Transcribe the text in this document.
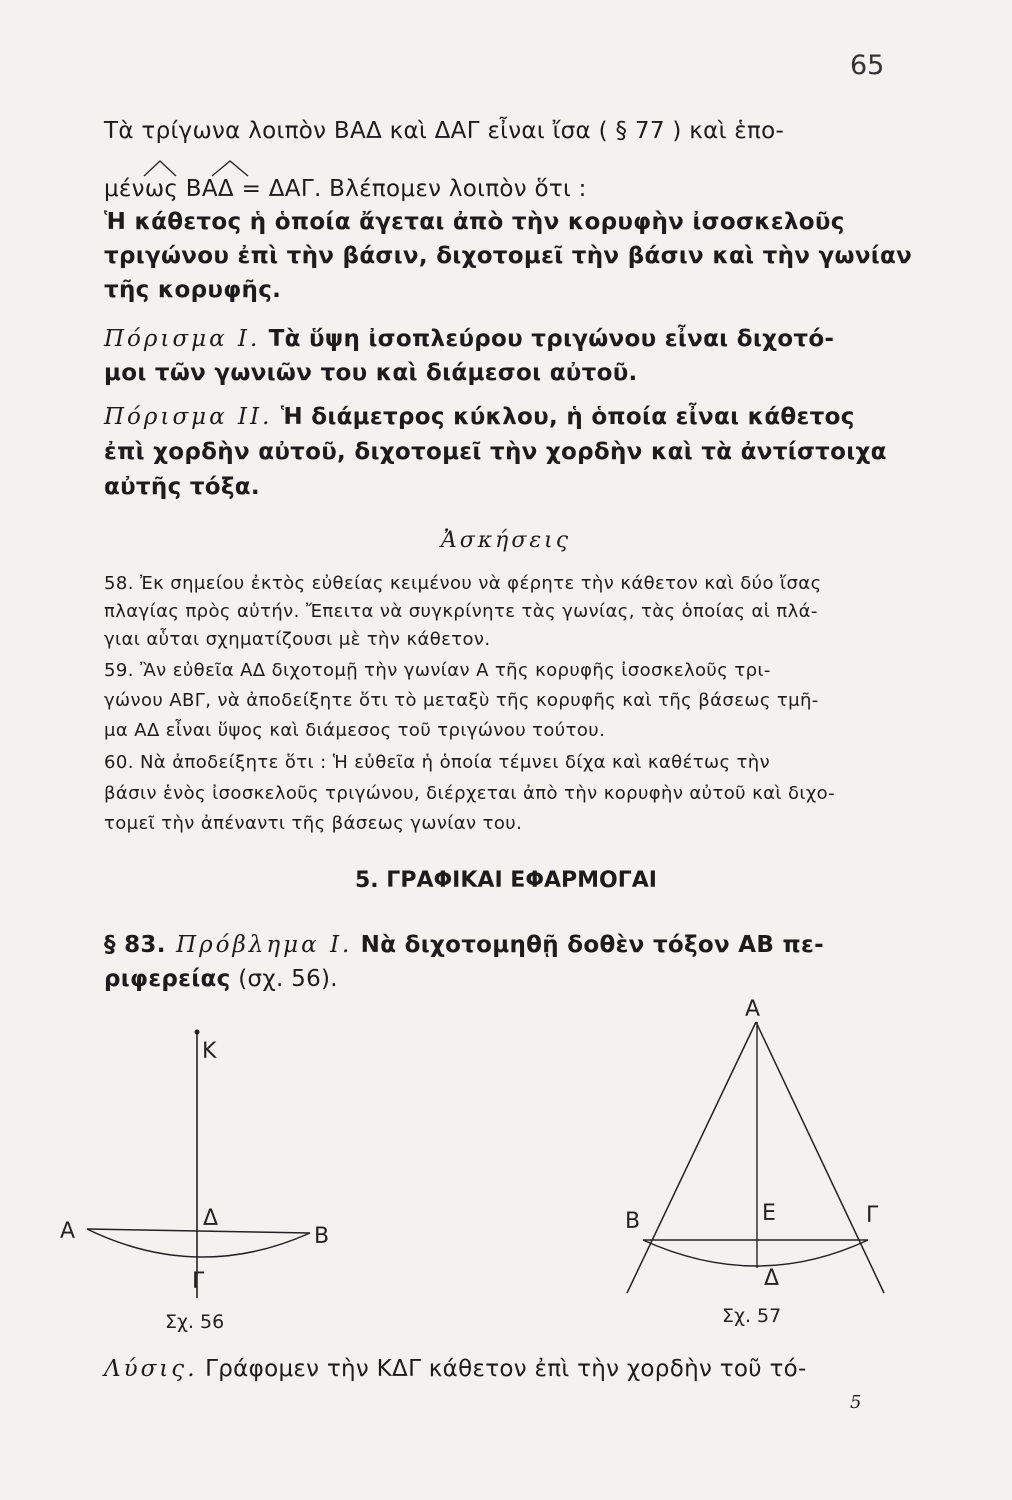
65
Τὰ τρίγωνα λοιπὸν ΒΑΔ καὶ ΔΑΓ εἶναι ἴσα ( § 77 ) καὶ ἑπο-
μένως ΒΑΔ = ΔΑΓ. Βλέπομεν λοιπὸν ὅτι :
Ἡ κάθετος ἡ ὁποία ἄγεται ἀπὸ τὴν κορυφὴν ἰσοσκελοῦς
τριγώνου ἐπὶ τὴν βάσιν, διχοτομεῖ τὴν βάσιν καὶ τὴν γωνίαν
τῆς κορυφῆς.
Πόρισμα Ι. Τὰ ὕψη ἰσοπλεύρου τριγώνου εἶναι διχοτό-
μοι τῶν γωνιῶν του καὶ διάμεσοι αὐτοῦ.
Πόρισμα ΙΙ. Ἡ διάμετρος κύκλου, ἡ ὁποία εἶναι κάθετος
ἐπὶ χορδὴν αὐτοῦ, διχοτομεῖ τὴν χορδὴν καὶ τὰ ἀντίστοιχα
αὐτῆς τόξα.
Ἀσκήσεις
58. Ἐκ σημείου ἐκτὸς εὐθείας κειμένου νὰ φέρητε τὴν κάθετον καὶ δύο ἴσας
πλαγίας πρὸς αὐτήν. Ἔπειτα νὰ συγκρίνητε τὰς γωνίας, τὰς ὁποίας αἱ πλά-
γιαι αὗται σχηματίζουσι μὲ τὴν κάθετον.
59. Ἂν εὐθεῖα ΑΔ διχοτομῇ τὴν γωνίαν Α τῆς κορυφῆς ἰσοσκελοῦς τρι-
γώνου ΑΒΓ, νὰ ἀποδείξητε ὅτι τὸ μεταξὺ τῆς κορυφῆς καὶ τῆς βάσεως τμῆ-
μα ΑΔ εἶναι ὕψος καὶ διάμεσος τοῦ τριγώνου τούτου.
60. Νὰ ἀποδείξητε ὅτι : Ἡ εὐθεῖα ἡ ὁποία τέμνει δίχα καὶ καθέτως τὴν
βάσιν ἑνὸς ἰσοσκελοῦς τριγώνου, διέρχεται ἀπὸ τὴν κορυφὴν αὐτοῦ καὶ διχο-
τομεῖ τὴν ἀπέναντι τῆς βάσεως γωνίαν του.
5. ΓΡΑΦΙΚΑΙ ΕΦΑΡΜΟΓΑΙ
§ 83. Πρόβλημα Ι. Νὰ διχοτομηθῇ δοθὲν τόξον ΑΒ πε-
ριφερείας (σχ. 56).
Κ
Α
Δ
Β
Γ
Σχ. 56
Α
Β	Ε	Γ
Δ
Σχ. 57
Λύσις. Γράφομεν τὴν ΚΔΓ κάθετον ἐπὶ τὴν χορδὴν τοῦ τό-
5
